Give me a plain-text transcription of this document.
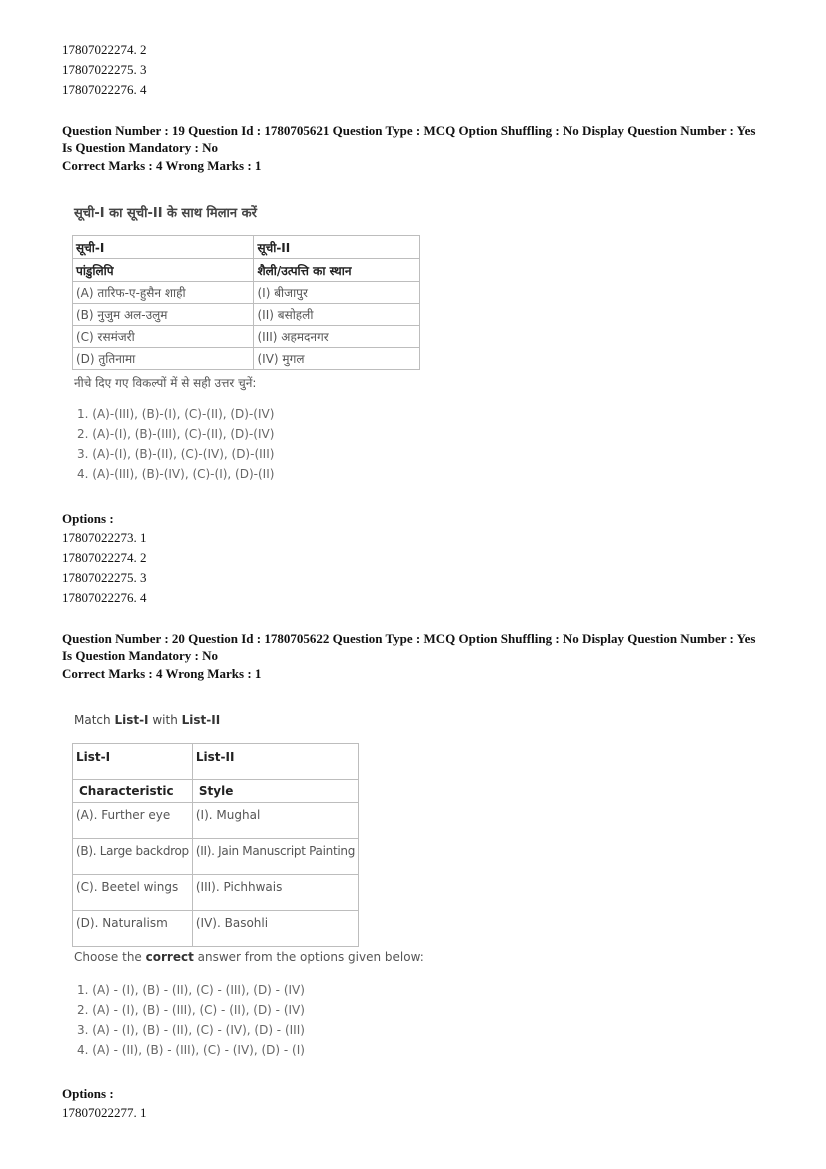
17807022274. 2
17807022275. 3
17807022276. 4
Question Number : 19 Question Id : 1780705621 Question Type : MCQ Option Shuffling : No Display Question Number : Yes
Is Question Mandatory : No
Correct Marks : 4 Wrong Marks : 1
सूची-I का सूची-II के साथ मिलान करें
सूची-I	सूची-II
पांडुलिपि	शैली/उत्पत्ति का स्थान
(A) तारिफ-ए-हुसैन शाही	(I) बीजापुर
(B) नुजुम अल-उलुम	(II) बसोहली
(C) रसमंजरी	(III) अहमदनगर
(D) तुतिनामा	(IV) मुगल
नीचे दिए गए विकल्पों में से सही उत्तर चुनें:
1. (A)-(III), (B)-(I), (C)-(II), (D)-(IV)
2. (A)-(I), (B)-(III), (C)-(II), (D)-(IV)
3. (A)-(I), (B)-(II), (C)-(IV), (D)-(III)
4. (A)-(III), (B)-(IV), (C)-(I), (D)-(II)
Options :
17807022273. 1
17807022274. 2
17807022275. 3
17807022276. 4
Question Number : 20 Question Id : 1780705622 Question Type : MCQ Option Shuffling : No Display Question Number : Yes
Is Question Mandatory : No
Correct Marks : 4 Wrong Marks : 1
Match List-I with List-II
List-I	List-II
Characteristic	Style
(A). Further eye	(I). Mughal
(B). Large backdrop	(II). Jain Manuscript Painting
(C). Beetel wings	(III). Pichhwais
(D). Naturalism	(IV). Basohli
Choose the correct answer from the options given below:
1. (A) - (I), (B) - (II), (C) - (III), (D) - (IV)
2. (A) - (I), (B) - (III), (C) - (II), (D) - (IV)
3. (A) - (I), (B) - (II), (C) - (IV), (D) - (III)
4. (A) - (II), (B) - (III), (C) - (IV), (D) - (I)
Options :
17807022277. 1
